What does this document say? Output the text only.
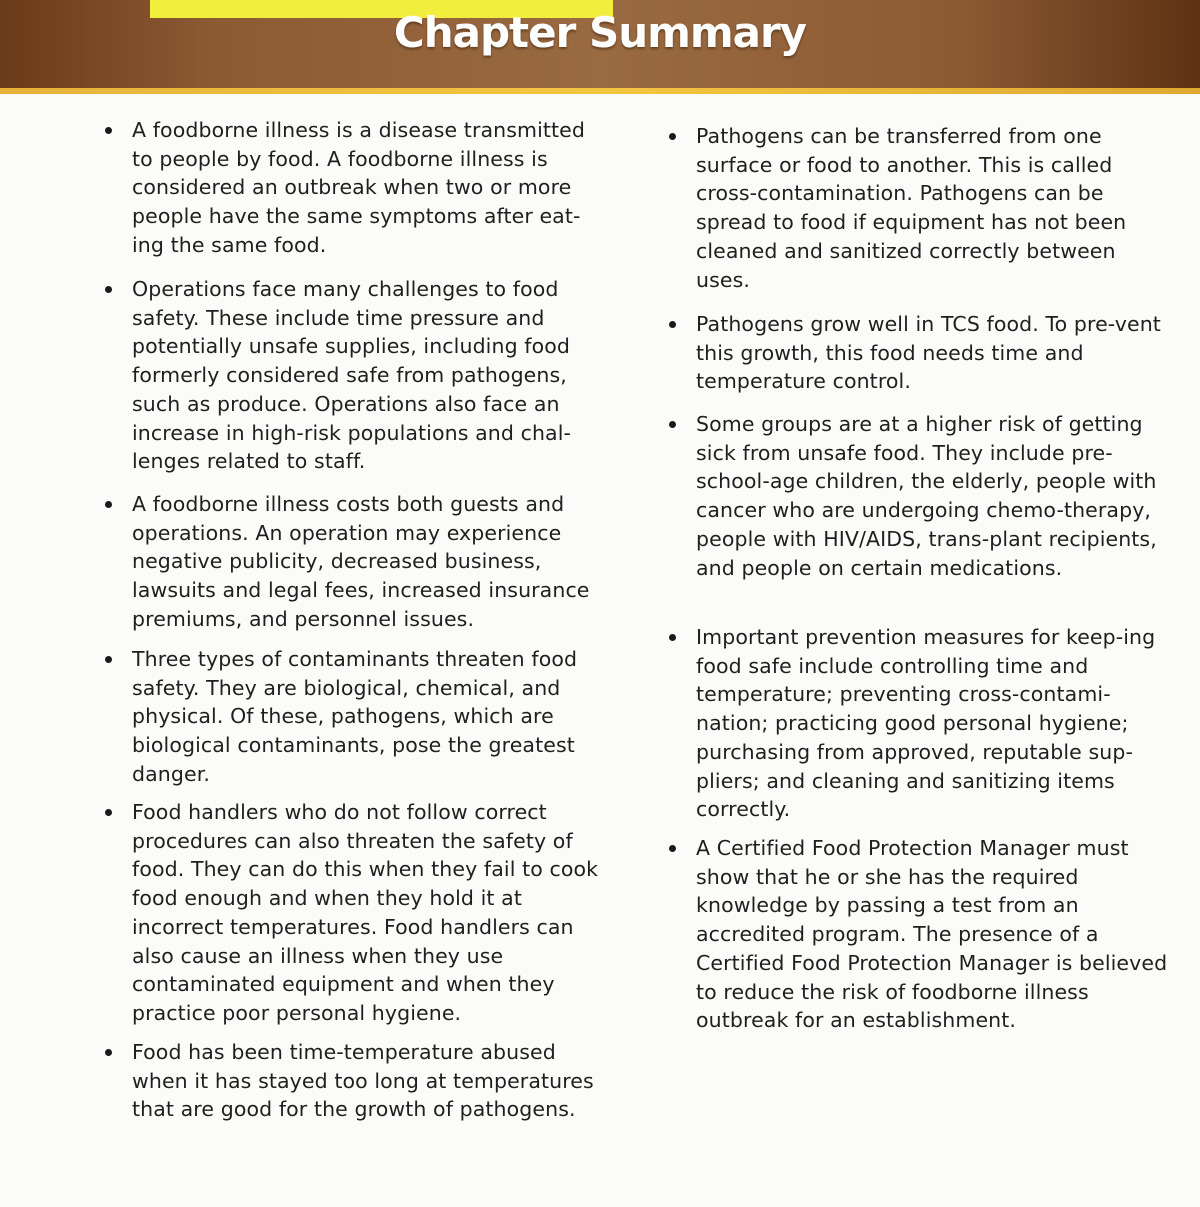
Chapter Summary
A foodborne illness is a disease transmitted to people by food. A foodborne illness is considered an outbreak when two or more people have the same symptoms after eat-ing the same food.
Operations face many challenges to food safety. These include time pressure and potentially unsafe supplies, including food formerly considered safe from pathogens, such as produce. Operations also face an increase in high-risk populations and chal-lenges related to staff.
A foodborne illness costs both guests and operations. An operation may experience negative publicity, decreased business, lawsuits and legal fees, increased insurance premiums, and personnel issues.
Three types of contaminants threaten food safety. They are biological, chemical, and physical. Of these, pathogens, which are biological contaminants, pose the greatest danger.
Food handlers who do not follow correct procedures can also threaten the safety of food. They can do this when they fail to cook food enough and when they hold it at incorrect temperatures. Food handlers can also cause an illness when they use contaminated equipment and when they practice poor personal hygiene.
Food has been time-temperature abused when it has stayed too long at temperatures that are good for the growth of pathogens.
Pathogens can be transferred from one surface or food to another. This is called cross-contamination. Pathogens can be spread to food if equipment has not been cleaned and sanitized correctly between uses.
Pathogens grow well in TCS food. To pre-vent this growth, this food needs time and temperature control.
Some groups are at a higher risk of getting sick from unsafe food. They include pre-school-age children, the elderly, people with cancer who are undergoing chemo-therapy, people with HIV/AIDS, trans-plant recipients, and people on certain medications.
Important prevention measures for keep-ing food safe include controlling time and temperature; preventing cross-contami-nation; practicing good personal hygiene; purchasing from approved, reputable sup-pliers; and cleaning and sanitizing items correctly.
A Certified Food Protection Manager must show that he or she has the required knowledge by passing a test from an accredited program. The presence of a Certified Food Protection Manager is believed to reduce the risk of foodborne illness outbreak for an establishment.
